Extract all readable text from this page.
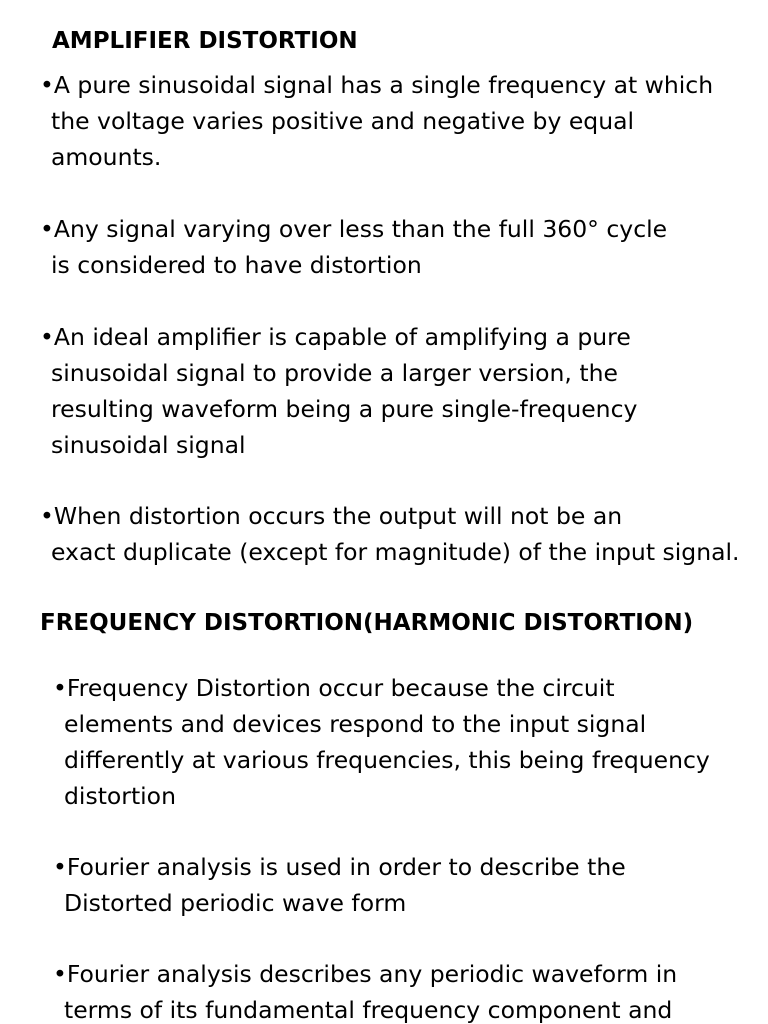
AMPLIFIER DISTORTION

•A pure sinusoidal signal has a single frequency at which
the voltage varies positive and negative by equal
amounts.

•Any signal varying over less than the full 360° cycle
is considered to have distortion

•An ideal amplifier is capable of amplifying a pure
sinusoidal signal to provide a larger version, the
resulting waveform being a pure single-frequency
sinusoidal signal

•When distortion occurs the output will not be an
exact duplicate (except for magnitude) of the input signal.

FREQUENCY DISTORTION(HARMONIC DISTORTION)

•Frequency Distortion occur because the circuit
elements and devices respond to the input signal
differently at various frequencies, this being frequency
distortion

•Fourier analysis is used in order to describe the
Distorted periodic wave form

•Fourier analysis describes any periodic waveform in
terms of its fundamental frequency component and
